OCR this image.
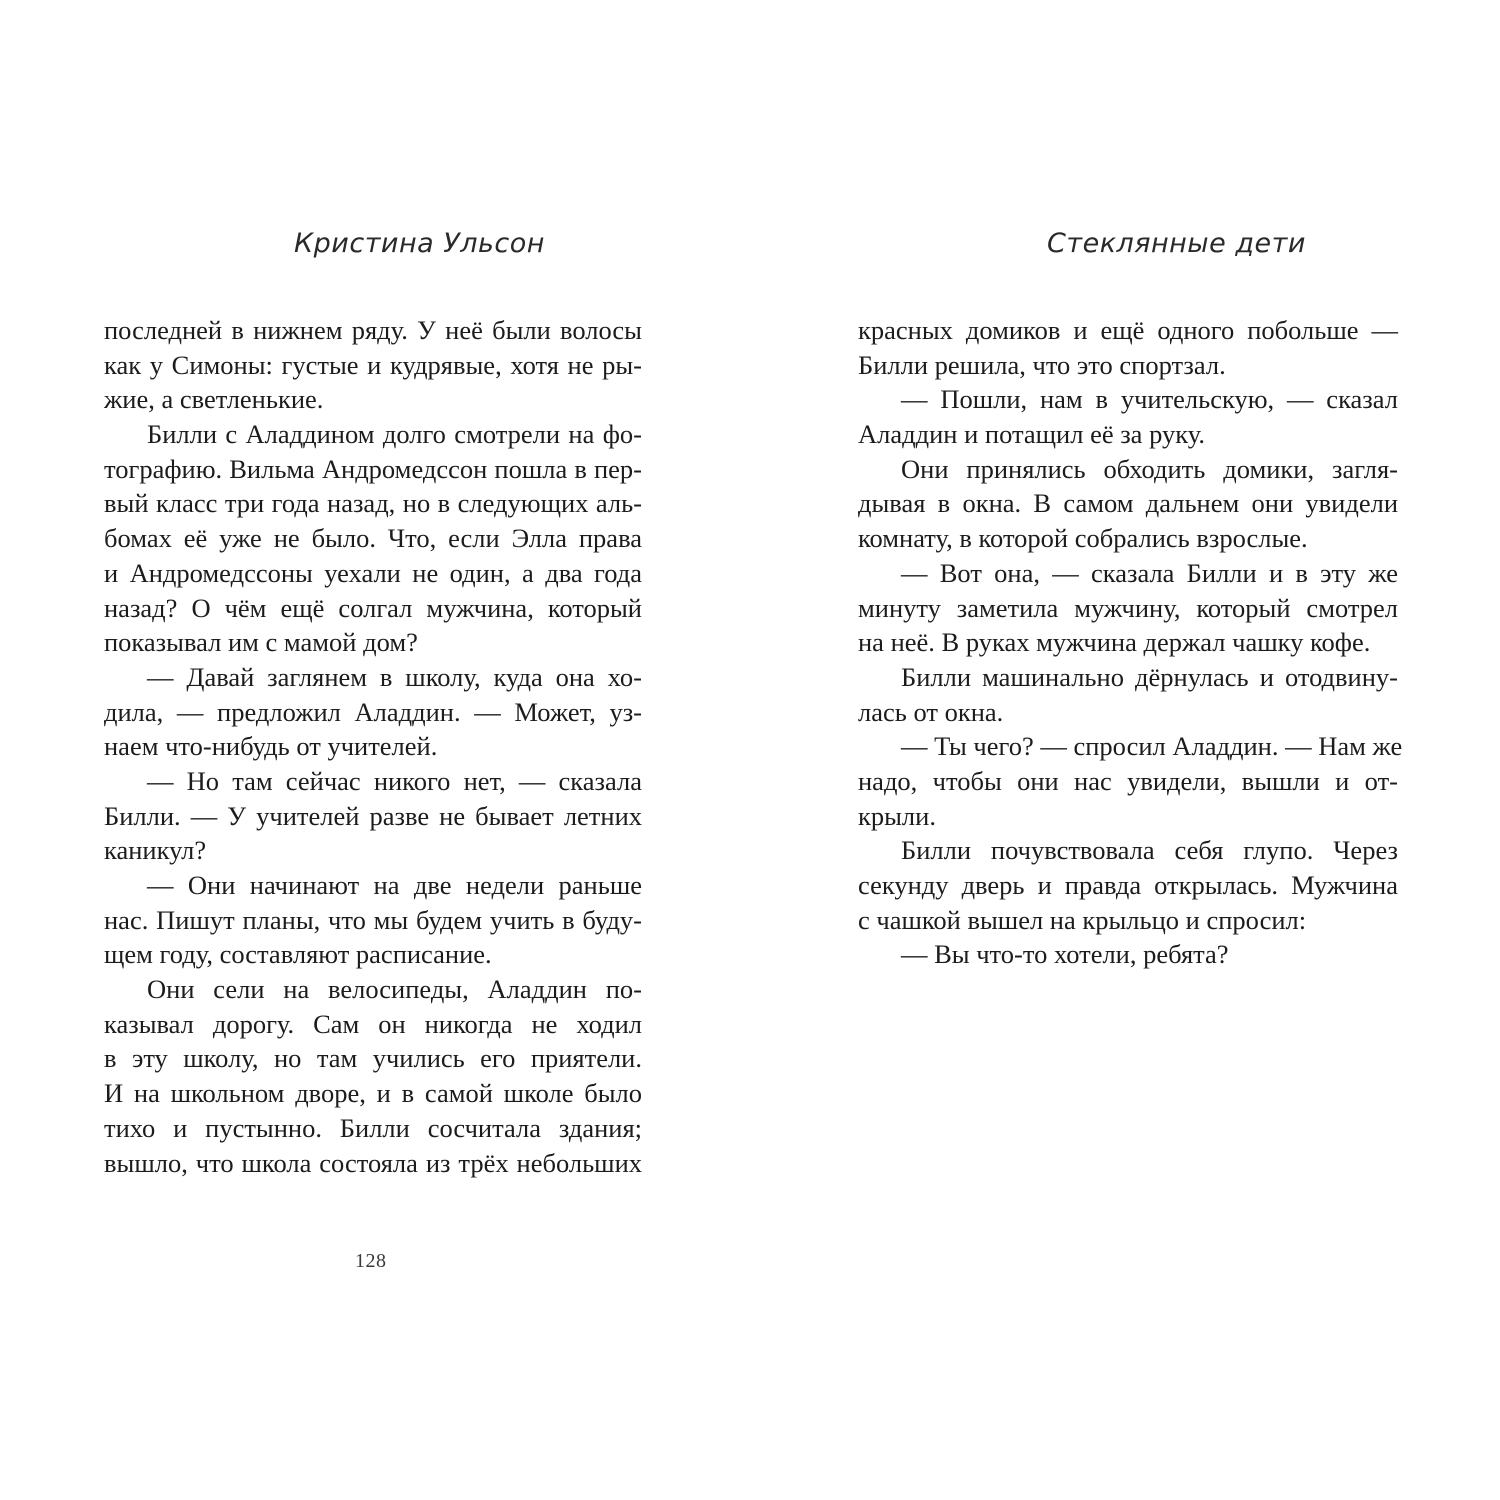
Кристина Ульсон
последней в нижнем ряду. У неё были волосы
как у Симоны: густые и кудрявые, хотя не ры-
жие, а светленькие.
Билли с Аладдином долго смотрели на фо-
тографию. Вильма Андромедссон пошла в пер-
вый класс три года назад, но в следующих аль-
бомах её уже не было. Что, если Элла права
и Андромедссоны уехали не один, а два года
назад? О чём ещё солгал мужчина, который
показывал им с мамой дом?
— Давай заглянем в школу, куда она хо-
дила, — предложил Аладдин. — Может, уз-
наем что-нибудь от учителей.
— Но там сейчас никого нет, — сказала
Билли. — У учителей разве не бывает летних
каникул?
— Они начинают на две недели раньше
нас. Пишут планы, что мы будем учить в буду-
щем году, составляют расписание.
Они сели на велосипеды, Аладдин по-
казывал дорогу. Сам он никогда не ходил
в эту школу, но там учились его приятели.
И на школьном дворе, и в самой школе было
тихо и пустынно. Билли сосчитала здания;
вышло, что школа состояла из трёх небольших
128
Стеклянные дети
красных домиков и ещё одного побольше —
Билли решила, что это спортзал.
— Пошли, нам в учительскую, — сказал
Аладдин и потащил её за руку.
Они принялись обходить домики, загля-
дывая в окна. В самом дальнем они увидели
комнату, в которой собрались взрослые.
— Вот она, — сказала Билли и в эту же
минуту заметила мужчину, который смотрел
на неё. В руках мужчина держал чашку кофе.
Билли машинально дёрнулась и отодвину-
лась от окна.
— Ты чего? — спросил Аладдин. — Нам же
надо, чтобы они нас увидели, вышли и от-
крыли.
Билли почувствовала себя глупо. Через
секунду дверь и правда открылась. Мужчина
с чашкой вышел на крыльцо и спросил:
— Вы что-то хотели, ребята?
